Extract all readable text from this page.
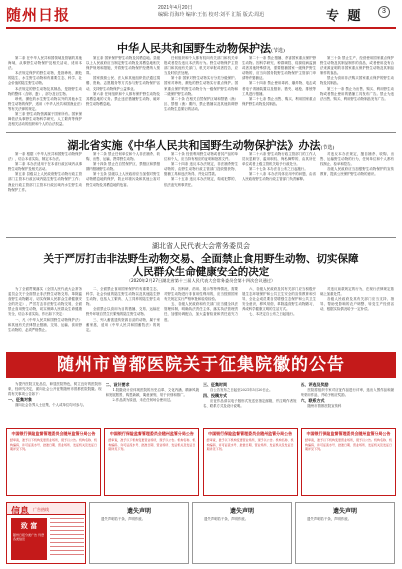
随州日报	2021年4月20日
编辑:肖海玲 编审:王伍 校对:刘平 汇版 版式:周迅	专 题	3
中华人民共和国野生动物保护法(节选)
第二条 在中华人民共和国领域及管辖的其他海域，从事野生动物保护及相关活动，适用本法。
本法规定保护的野生动物，是指珍贵、濒危的陆生、水生野生动物和有重要生态、科学、社会价值的陆生野生动物。
本法规定的野生动物及其制品，是指野生动物的整体（含卵、蛋）、部分及衍生物。
珍贵、濒危的水生野生动物以外的其他水生野生动物的保护，适用《中华人民共和国渔业法》等有关法律的规定。
第三条 野生动物资源属于国家所有。国家保障依法从事野生动物科学研究、人工繁育等保护及相关活动的组织和个人的合法权益。
第五条 国家保护野生动物及其栖息地。县级以上人民政府应当制定野生动物及其栖息地相关保护规划和措施，并将野生动物保护经费纳入预算。
国家鼓励公民、法人和其他组织依法通过捐赠、资助、志愿服务等方式参与野生动物保护活动，支持野生动物保护公益事业。
第六条 任何组织和个人都有保护野生动物及其栖息地的义务。禁止违法猎捕野生动物、破坏野生动物栖息地。
任何组织和个人都有权向有关部门和机关举报或者控告违反本法的行为。野生动物保护主管部门和其他有关部门、机关对举报或者控告，应当及时依法处理。
第十条 国家对野生动物实行分类分级保护。国家对珍贵、濒危的野生动物实行重点保护。国家重点保护的野生动物分为一级保护野生动物和二级保护野生动物。
第二十条 在相关自然保护区域和禁猎（渔）区、禁猎（渔）期内，禁止猎捕以及其他妨碍野生动物生息繁衍的活动。
第二十一条 禁止猎捕、杀害国家重点保护野生动物。因科学研究、种群调控、疫源疫病监测或者其他特殊情况，需要猎捕国家一级保护野生动物的，应当向国务院野生动物保护主管部门申请特许猎捕证。
第二十四条 禁止使用毒药、爆炸物、电击或者电子诱捕装置以及猎套、猎夹、地枪、排铳等工具进行猎捕。
第二十七条 禁止出售、购买、利用国家重点保护野生动物及其制品。
第三十条 禁止生产、经营使用国家重点保护野生动物及其制品制作的食品，或者使用没有合法来源证明的非国家重点保护野生动物及其制品制作的食品。
禁止为食用非法购买国家重点保护的野生动物及其制品。
第三十一条 禁止为出售、购买、利用野生动物或者禁止使用的猎捕工具发布广告。禁止为违法出售、购买、利用野生动物制品发布广告。
湖北省实施《中华人民共和国野生动物保护法》办法(节选)
第一条 根据《中华人民共和国野生动物保护法》，结合本省实际，制定本办法。
第二条 本办法适用于在本省行政区域内从事野生动物保护及相关活动。
第五条 县级以上人民政府野生动物行政主管部门主管本行政区域内陆生野生动物保护工作；渔业行政主管部门主管本行政区域内水生野生动物保护工作。
第十二条 禁止任何单位和个人非法捕杀、收购、出售、运输、携带野生动物。
第十四条 禁止在自然保护区、禁猎区和禁猎期内猎捕野生动物。
第十五条 县级以上人民政府应当加强对野生动物栖息地的保护，防止环境污染和其他公害对野生动物及其栖息地的危害。
第二十条 经营利用野生动物或者其产品的单位和个人，应当持有相应的证明和批准文件。
第二十四条 违反本办法规定，非法捕杀野生动物的，由野生动物行政主管部门没收猎获物、猎捕工具和违法所得，并处以罚款。
第二十五条 违反本办法规定，构成犯罪的，依法追究刑事责任。
第二十六条 野生动物行政主管部门的工作人员玩忽职守、滥用职权、徇私舞弊的，由其所在单位或者上级主管机关给予行政处分。
第二十七条 本办法自公布之日起施行。
第二十八条 本办法具体应用中的问题，由省人民政府野生动物行政主管部门负责解释。
对违反本办法规定，擅自捕杀、收购、出售、运输野生动物的行为，任何单位和个人都有权制止、检举和控告。
各级人民政府应当加强野生动物保护的宣传教育，提高公民保护野生动物的意识。
湖北省人民代表大会常务委员会
关于严厉打击非法野生动物交易、全面禁止食用野生动物、切实保障
人民群众生命健康安全的决定
（2020年2月27日湖北省第十三届人民代表大会常务委员会第十四次会议通过）
为了全面贯彻落实《全国人民代表大会常务委员会关于全面禁止非法野生动物交易、革除滥食野生动物陋习、切实保障人民群众生命健康安全的决定》，严厉打击非法野生动物交易，全面禁止食用野生动物，切实保障人民群众生命健康安全，结合本省实际，作出如下决定：
一、凡《中华人民共和国野生动物保护法》和其他有关法律禁止猎捕、交易、运输、食用野生动物的，必须严格禁止。
二、全面禁止食用国家保护的有重要生态、科学、社会价值的陆生野生动物以及其他陆生野生动物，包括人工繁育、人工饲养的陆生野生动物。
全面禁止以食用为目的猎捕、交易、运输在野外环境自然生长繁殖的陆生野生动物。
三、列入畜禽遗传资源目录的动物，属于家畜家禽，适用《中华人民共和国畜牧法》的规定。
四、因科研、药用、展示等特殊情况，需要对野生动物进行非食用性利用的，应当按照国家有关规定实行严格审批和检疫检验。
五、各级人民政府和有关部门应当健全执法管理体制，明确执法责任主体，落实执法管理责任，加强协调配合，加大监督检查和责任追究力度。
六、各级人民政府及其有关部门应当积极开展生态环境保护和公共卫生安全的宣传教育和引导，全社会成员要自觉增强生态保护和公共卫生安全意识，移风易俗，革除滥食野生动物陋习，养成科学健康文明的生活方式。
七、本决定自公布之日起施行。
对违反前款规定的行为，在现行法律规定基础上加重处罚。
各级人民政府及其有关部门应当支持、指导、帮助受影响的农户调整、转变生产经营活动，根据实际情况给予一定补偿。
随州市曾都医院关于征集院徽的公告
为提升医院文化品位，彰显医院特色，树立良好的医院形象，经研究决定，面向社会公开征集随州市曾都医院院徽。现将有关事项公告如下：
一、征集对象
面向社会各界人士征集，个人或单位均可参与。
二、设计要求
1.院徽设计应体现医院的历史沿革、文化内涵、精神风貌和发展愿景，构思新颖，寓意深刻，易于识别和推广。
2.作品须为原创，未在任何场合使用过。
三、征集时间
自公告发布之日起至2021年5月20日止。
四、投稿方式
应征作品请以电子版形式发送至指定邮箱，并注明作者姓名、联系方式及设计说明。
五、评选及奖励
医院将组织专家对应征作品进行评审，选出入围作品和最终采用作品，并给予相应奖励。
六、联系方式
随州市曾都医院宣传科
中国银行保险监督管理委员会随州监管分局公告
经审查，准予以下机构变更营业场所，现予以公告。机构名称、机构编码、许可证流水号、批准日期、营业场所、发证机关及发证日期详见下列。
中国银行保险监督管理委员会随州监管分局公告
经审查，准予以下机构变更营业场所，现予以公告。机构名称、机构编码、许可证流水号、批准日期、营业场所、发证机关及发证日期详见下列。
中国银行保险监督管理委员会随州监管分局公告
经审查，准予以下机构变更营业场所，现予以公告。机构名称、机构编码、许可证流水号、批准日期、营业场所、发证机关及发证日期详见下列。
中国银行保险监督管理委员会随州监管分局公告
经审查，准予以下机构变更营业场所，现予以公告。机构名称、机构编码、许可证流水号、批准日期、营业场所、发证机关及发证日期详见下列。
信息 广告热线
致 富
随州日报分类广告 刊登各类信息
遗失声明
遗失声明若干条，声明作废。
遗失声明
遗失声明若干条，声明作废。
遗失声明
遗失声明若干条，声明作废。
